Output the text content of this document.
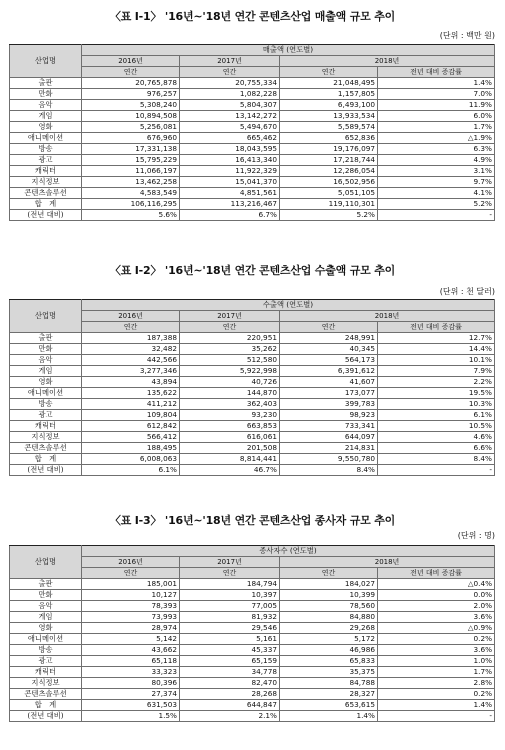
〈표 Ⅰ-1〉 '16년~'18년 연간 콘텐츠산업 매출액 규모 추이
(단위 : 백만 원)
산업명	매출액 (연도별)			
	2016년	2017년	2018년	
	연간	연간	연간	전년 대비 증감률
출판	20,765,878	20,755,334	21,048,495	1.4%
만화	976,257	1,082,228	1,157,805	7.0%
음악	5,308,240	5,804,307	6,493,100	11.9%
게임	10,894,508	13,142,272	13,933,534	6.0%
영화	5,256,081	5,494,670	5,589,574	1.7%
애니메이션	676,960	665,462	652,836	△1.9%
방송	17,331,138	18,043,595	19,176,097	6.3%
광고	15,795,229	16,413,340	17,218,744	4.9%
캐릭터	11,066,197	11,922,329	12,286,054	3.1%
지식정보	13,462,258	15,041,370	16,502,956	9.7%
콘텐츠솔루션	4,583,549	4,851,561	5,051,105	4.1%
합　계	106,116,295	113,216,467	119,110,301	5.2%
(전년 대비)	5.6%	6.7%	5.2%	-
〈표 Ⅰ-2〉 '16년~'18년 연간 콘텐츠산업 수출액 규모 추이
(단위 : 천 달러)
산업명	수출액 (연도별)			
	2016년	2017년	2018년	
	연간	연간	연간	전년 대비 증감률
출판	187,388	220,951	248,991	12.7%
만화	32,482	35,262	40,345	14.4%
음악	442,566	512,580	564,173	10.1%
게임	3,277,346	5,922,998	6,391,612	7.9%
영화	43,894	40,726	41,607	2.2%
애니메이션	135,622	144,870	173,077	19.5%
방송	411,212	362,403	399,783	10.3%
광고	109,804	93,230	98,923	6.1%
캐릭터	612,842	663,853	733,341	10.5%
지식정보	566,412	616,061	644,097	4.6%
콘텐츠솔루션	188,495	201,508	214,831	6.6%
합　계	6,008,063	8,814,441	9,550,780	8.4%
(전년 대비)	6.1%	46.7%	8.4%	-
〈표 Ⅰ-3〉 '16년~'18년 연간 콘텐츠산업 종사자 규모 추이
(단위 : 명)
산업명	종사자수 (연도별)			
	2016년	2017년	2018년	
	연간	연간	연간	전년 대비 증감률
출판	185,001	184,794	184,027	△0.4%
만화	10,127	10,397	10,399	0.0%
음악	78,393	77,005	78,560	2.0%
게임	73,993	81,932	84,880	3.6%
영화	28,974	29,546	29,268	△0.9%
애니메이션	5,142	5,161	5,172	0.2%
방송	43,662	45,337	46,986	3.6%
광고	65,118	65,159	65,833	1.0%
캐릭터	33,323	34,778	35,375	1.7%
지식정보	80,396	82,470	84,788	2.8%
콘텐츠솔루션	27,374	28,268	28,327	0.2%
합　계	631,503	644,847	653,615	1.4%
(전년 대비)	1.5%	2.1%	1.4%	-
